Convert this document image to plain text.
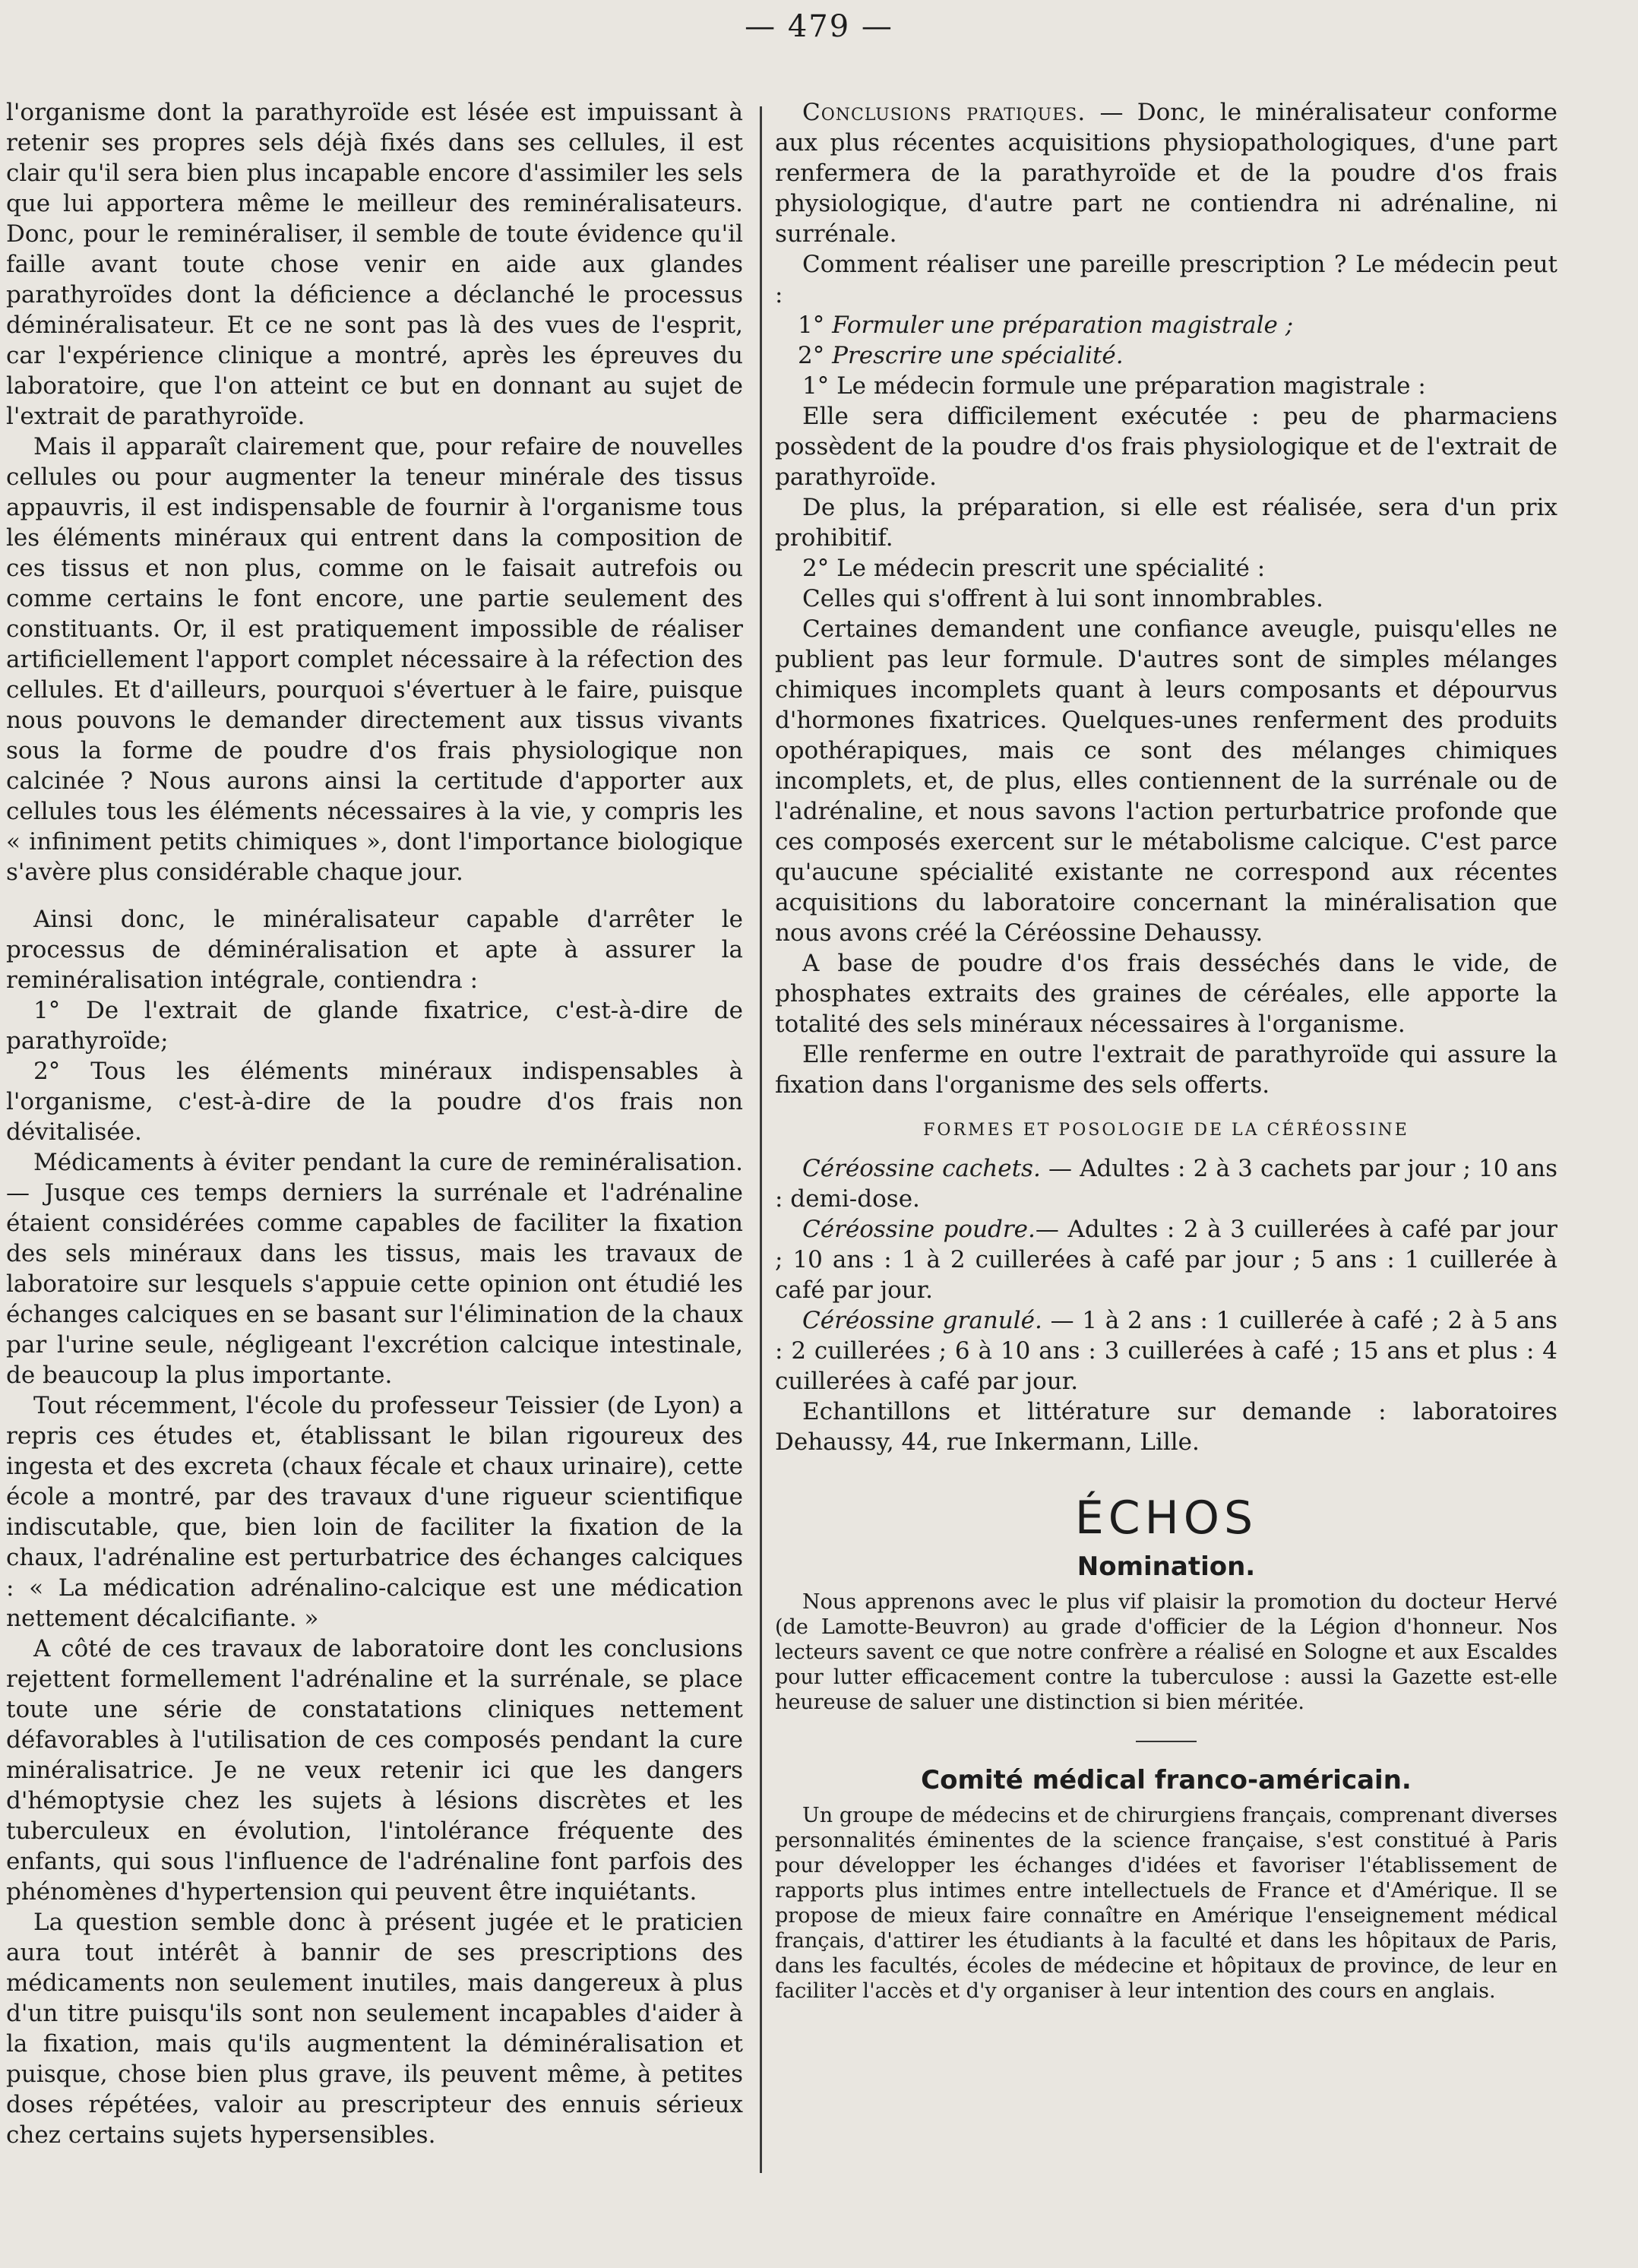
— 479 —

l'organisme dont la parathyroïde est lésée est impuissant à retenir ses propres sels déjà fixés dans ses cellules, il est clair qu'il sera bien plus incapable encore d'assimiler les sels que lui apportera même le meilleur des reminéralisateurs. Donc, pour le reminéraliser, il semble de toute évidence qu'il faille avant toute chose venir en aide aux glandes parathyroïdes dont la déficience a déclanché le processus déminéralisateur. Et ce ne sont pas là des vues de l'esprit, car l'expérience clinique a montré, après les épreuves du laboratoire, que l'on atteint ce but en donnant au sujet de l'extrait de parathyroïde.

Mais il apparaît clairement que, pour refaire de nouvelles cellules ou pour augmenter la teneur minérale des tissus appauvris, il est indispensable de fournir à l'organisme tous les éléments minéraux qui entrent dans la composition de ces tissus et non plus, comme on le faisait autrefois ou comme certains le font encore, une partie seulement des constituants. Or, il est pratiquement impossible de réaliser artificiellement l'apport complet nécessaire à la réfection des cellules. Et d'ailleurs, pourquoi s'évertuer à le faire, puisque nous pouvons le demander directement aux tissus vivants sous la forme de poudre d'os frais physiologique non calcinée ? Nous aurons ainsi la certitude d'apporter aux cellules tous les éléments nécessaires à la vie, y compris les « infiniment petits chimiques », dont l'importance biologique s'avère plus considérable chaque jour.

Ainsi donc, le minéralisateur capable d'arrêter le processus de déminéralisation et apte à assurer la reminéralisation intégrale, contiendra :

1° De l'extrait de glande fixatrice, c'est-à-dire de parathyroïde;

2° Tous les éléments minéraux indispensables à l'organisme, c'est-à-dire de la poudre d'os frais non dévitalisée.

Médicaments à éviter pendant la cure de reminéralisation. — Jusque ces temps derniers la surrénale et l'adrénaline étaient considérées comme capables de faciliter la fixation des sels minéraux dans les tissus, mais les travaux de laboratoire sur lesquels s'appuie cette opinion ont étudié les échanges calciques en se basant sur l'élimination de la chaux par l'urine seule, négligeant l'excrétion calcique intestinale, de beaucoup la plus importante.

Tout récemment, l'école du professeur Teissier (de Lyon) a repris ces études et, établissant le bilan rigoureux des ingesta et des excreta (chaux fécale et chaux urinaire), cette école a montré, par des travaux d'une rigueur scientifique indiscutable, que, bien loin de faciliter la fixation de la chaux, l'adrénaline est perturbatrice des échanges calciques : « La médication adrénalino-calcique est une médication nettement décalcifiante. »

A côté de ces travaux de laboratoire dont les conclusions rejettent formellement l'adrénaline et la surrénale, se place toute une série de constatations cliniques nettement défavorables à l'utilisation de ces composés pendant la cure minéralisatrice. Je ne veux retenir ici que les dangers d'hémoptysie chez les sujets à lésions discrètes et les tuberculeux en évolution, l'intolérance fréquente des enfants, qui sous l'influence de l'adrénaline font parfois des phénomènes d'hypertension qui peuvent être inquiétants.

La question semble donc à présent jugée et le praticien aura tout intérêt à bannir de ses prescriptions des médicaments non seulement inutiles, mais dangereux à plus d'un titre puisqu'ils sont non seulement incapables d'aider à la fixation, mais qu'ils augmentent la déminéralisation et puisque, chose bien plus grave, ils peuvent même, à petites doses répétées, valoir au prescripteur des ennuis sérieux chez certains sujets hypersensibles.

Conclusions pratiques. — Donc, le minéralisateur conforme aux plus récentes acquisitions physiopathologiques, d'une part renfermera de la parathyroïde et de la poudre d'os frais physiologique, d'autre part ne contiendra ni adrénaline, ni surrénale.

Comment réaliser une pareille prescription ? Le médecin peut :

1° Formuler une préparation magistrale ;

2° Prescrire une spécialité.

1° Le médecin formule une préparation magistrale :

Elle sera difficilement exécutée : peu de pharmaciens possèdent de la poudre d'os frais physiologique et de l'extrait de parathyroïde.

De plus, la préparation, si elle est réalisée, sera d'un prix prohibitif.

2° Le médecin prescrit une spécialité :

Celles qui s'offrent à lui sont innombrables.

Certaines demandent une confiance aveugle, puisqu'elles ne publient pas leur formule. D'autres sont de simples mélanges chimiques incomplets quant à leurs composants et dépourvus d'hormones fixatrices. Quelques-unes renferment des produits opothérapiques, mais ce sont des mélanges chimiques incomplets, et, de plus, elles contiennent de la surrénale ou de l'adrénaline, et nous savons l'action perturbatrice profonde que ces composés exercent sur le métabolisme calcique. C'est parce qu'aucune spécialité existante ne correspond aux récentes acquisitions du laboratoire concernant la minéralisation que nous avons créé la Céréossine Dehaussy.

A base de poudre d'os frais desséchés dans le vide, de phosphates extraits des graines de céréales, elle apporte la totalité des sels minéraux nécessaires à l'organisme.

Elle renferme en outre l'extrait de parathyroïde qui assure la fixation dans l'organisme des sels offerts.

FORMES ET POSOLOGIE DE LA CÉRÉOSSINE

Céréossine cachets. — Adultes : 2 à 3 cachets par jour ; 10 ans : demi-dose.

Céréossine poudre.— Adultes : 2 à 3 cuillerées à café par jour ; 10 ans : 1 à 2 cuillerées à café par jour ; 5 ans : 1 cuillerée à café par jour.

Céréossine granulé. — 1 à 2 ans : 1 cuillerée à café ; 2 à 5 ans : 2 cuillerées ; 6 à 10 ans : 3 cuillerées à café ; 15 ans et plus : 4 cuillerées à café par jour.

Echantillons et littérature sur demande : laboratoires Dehaussy, 44, rue Inkermann, Lille.

ÉCHOS
Nomination.

Nous apprenons avec le plus vif plaisir la promotion du docteur Hervé (de Lamotte-Beuvron) au grade d'officier de la Légion d'honneur. Nos lecteurs savent ce que notre confrère a réalisé en Sologne et aux Escaldes pour lutter efficacement contre la tuberculose : aussi la Gazette est-elle heureuse de saluer une distinction si bien méritée.

Comité médical franco-américain.

Un groupe de médecins et de chirurgiens français, comprenant diverses personnalités éminentes de la science française, s'est constitué à Paris pour développer les échanges d'idées et favoriser l'établissement de rapports plus intimes entre intellectuels de France et d'Amérique. Il se propose de mieux faire connaître en Amérique l'enseignement médical français, d'attirer les étudiants à la faculté et dans les hôpitaux de Paris, dans les facultés, écoles de médecine et hôpitaux de province, de leur en faciliter l'accès et d'y organiser à leur intention des cours en anglais.
